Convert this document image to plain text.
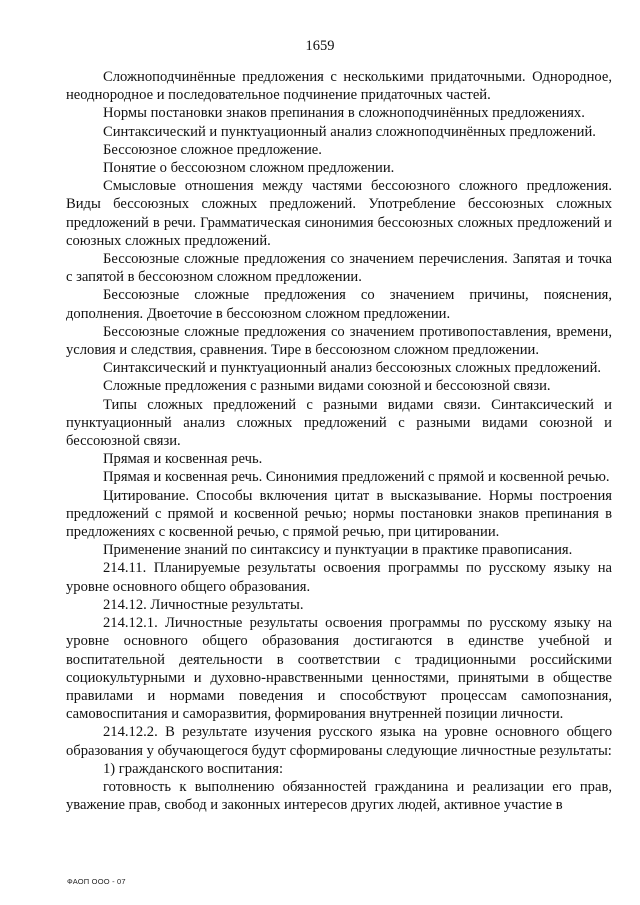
1659

Сложноподчинённые предложения с несколькими придаточными. Однородное, неоднородное и последовательное подчинение придаточных частей.

Нормы постановки знаков препинания в сложноподчинённых предложениях.

Синтаксический и пунктуационный анализ сложноподчинённых предложений.

Бессоюзное сложное предложение.

Понятие о бессоюзном сложном предложении.

Смысловые отношения между частями бессоюзного сложного предложения. Виды бессоюзных сложных предложений. Употребление бессоюзных сложных предложений в речи. Грамматическая синонимия бессоюзных сложных предложений и союзных сложных предложений.

Бессоюзные сложные предложения со значением перечисления. Запятая и точка с запятой в бессоюзном сложном предложении.

Бессоюзные сложные предложения со значением причины, пояснения, дополнения. Двоеточие в бессоюзном сложном предложении.

Бессоюзные сложные предложения со значением противопоставления, времени, условия и следствия, сравнения. Тире в бессоюзном сложном предложении.

Синтаксический и пунктуационный анализ бессоюзных сложных предложений.

Сложные предложения с разными видами союзной и бессоюзной связи.

Типы сложных предложений с разными видами связи. Синтаксический и пунктуационный анализ сложных предложений с разными видами союзной и бессоюзной связи.

Прямая и косвенная речь.

Прямая и косвенная речь. Синонимия предложений с прямой и косвенной речью.

Цитирование. Способы включения цитат в высказывание. Нормы построения предложений с прямой и косвенной речью; нормы постановки знаков препинания в предложениях с косвенной речью, с прямой речью, при цитировании.

Применение знаний по синтаксису и пунктуации в практике правописания.

214.11. Планируемые результаты освоения программы по русскому языку на уровне основного общего образования.

214.12. Личностные результаты.

214.12.1. Личностные результаты освоения программы по русскому языку на уровне основного общего образования достигаются в единстве учебной и воспитательной деятельности в соответствии с традиционными российскими социокультурными и духовно-нравственными ценностями, принятыми в обществе правилами и нормами поведения и способствуют процессам самопознания, самовоспитания и саморазвития, формирования внутренней позиции личности.

214.12.2. В результате изучения русского языка на уровне основного общего образования у обучающегося будут сформированы следующие личностные результаты:

1) гражданского воспитания:

готовность к выполнению обязанностей гражданина и реализации его прав, уважение прав, свобод и законных интересов других людей, активное участие в

ФАОП ООО - 07
